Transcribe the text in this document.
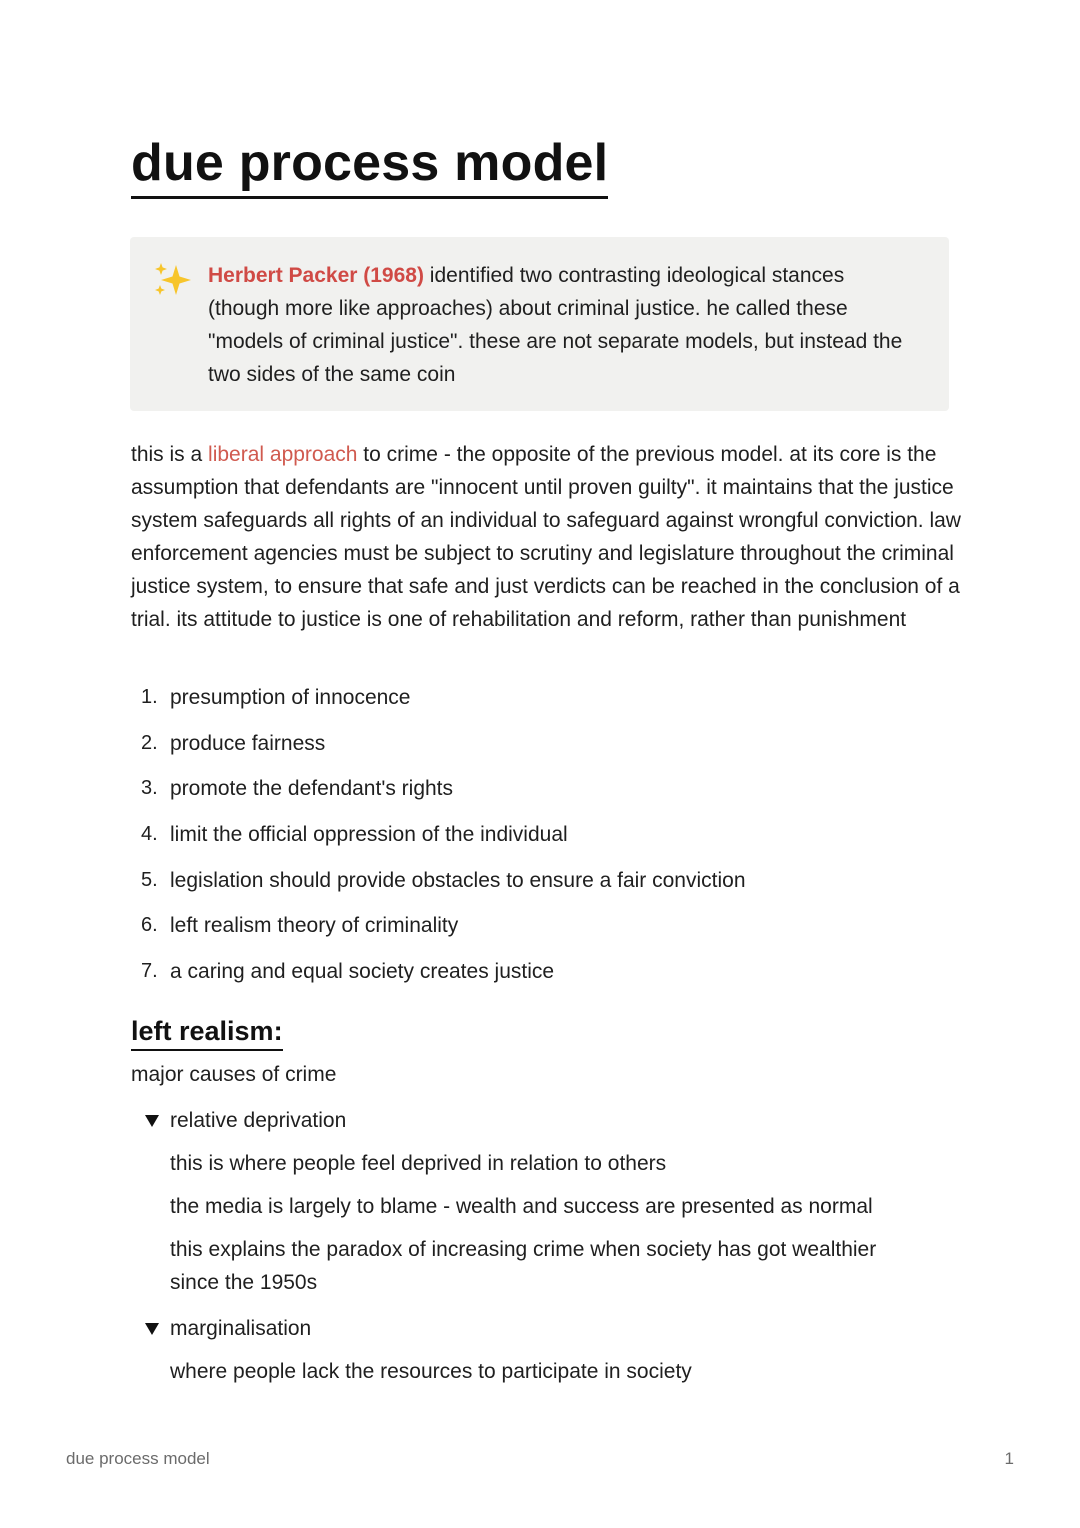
due process model

Herbert Packer (1968) identified two contrasting ideological stances (though more like approaches) about criminal justice. he called these "models of criminal justice". these are not separate models, but instead the two sides of the same coin

this is a liberal approach to crime - the opposite of the previous model. at its core is the assumption that defendants are "innocent until proven guilty". it maintains that the justice system safeguards all rights of an individual to safeguard against wrongful conviction. law enforcement agencies must be subject to scrutiny and legislature throughout the criminal justice system, to ensure that safe and just verdicts can be reached in the conclusion of a trial. its attitude to justice is one of rehabilitation and reform, rather than punishment

1. presumption of innocence
2. produce fairness
3. promote the defendant's rights
4. limit the official oppression of the individual
5. legislation should provide obstacles to ensure a fair conviction
6. left realism theory of criminality
7. a caring and equal society creates justice
left realism:

major causes of crime

relative deprivation

this is where people feel deprived in relation to others

the media is largely to blame - wealth and success are presented as normal

this explains the paradox of increasing crime when society has got wealthier since the 1950s

marginalisation

where people lack the resources to participate in society

due process model	1
